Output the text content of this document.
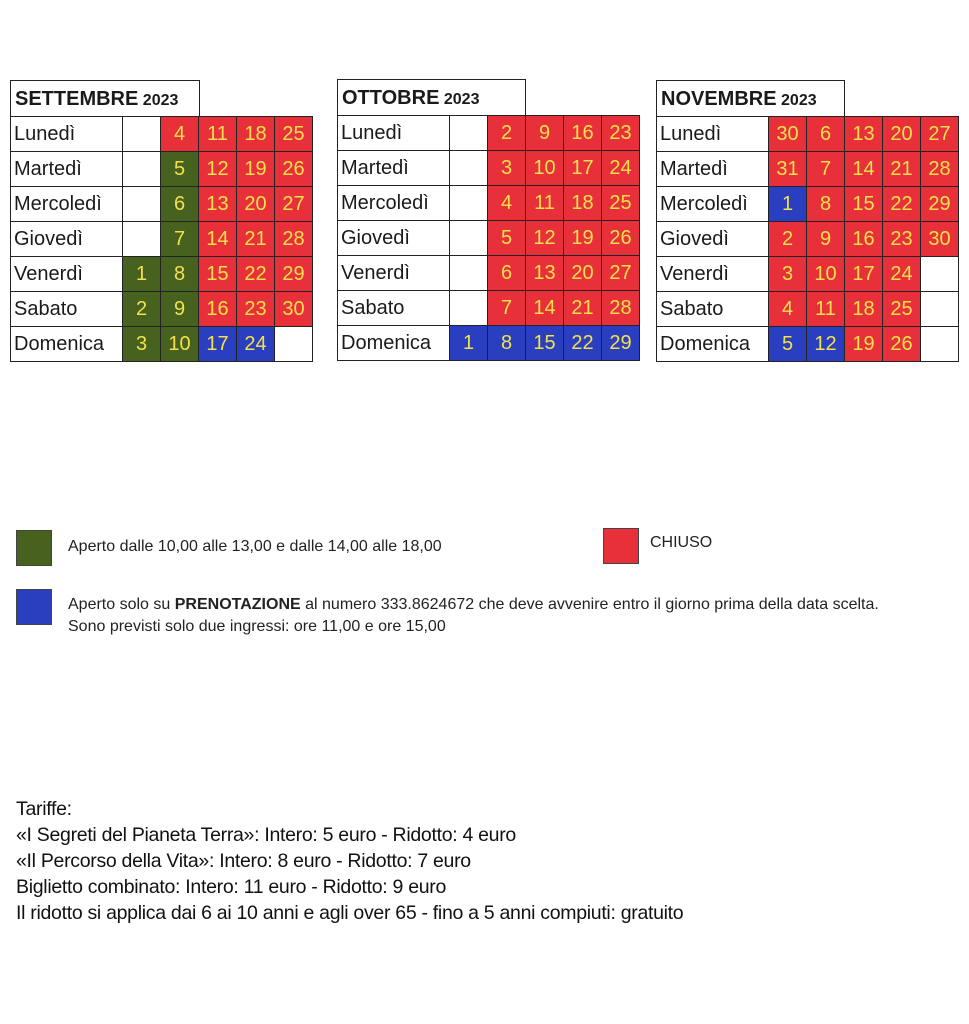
SETTEMBRE 2023
Lunedì		4	11	18	25
Martedì		5	12	19	26
Mercoledì		6	13	20	27
Giovedì		7	14	21	28
Venerdì	1	8	15	22	29
Sabato	2	9	16	23	30
Domenica	3	10	17	24	
OTTOBRE 2023
Lunedì		2	9	16	23
Martedì		3	10	17	24
Mercoledì		4	11	18	25
Giovedì		5	12	19	26
Venerdì		6	13	20	27
Sabato		7	14	21	28
Domenica	1	8	15	22	29
NOVEMBRE 2023
Lunedì	30	6	13	20	27
Martedì	31	7	14	21	28
Mercoledì	1	8	15	22	29
Giovedì	2	9	16	23	30
Venerdì	3	10	17	24	
Sabato	4	11	18	25	
Domenica	5	12	19	26	
Aperto dalle 10,00 alle 13,00 e dalle 14,00 alle 18,00	CHIUSO
Aperto solo su PRENOTAZIONE al numero 333.8624672 che deve avvenire entro il giorno prima della data scelta.
Sono previsti solo due ingressi: ore 11,00 e ore 15,00
Tariffe:
«I Segreti del Pianeta Terra»: Intero: 5 euro - Ridotto: 4 euro
«Il Percorso della Vita»: Intero: 8 euro - Ridotto: 7 euro
Biglietto combinato: Intero: 11 euro - Ridotto: 9 euro
Il ridotto si applica dai 6 ai 10 anni e agli over 65 - fino a 5 anni compiuti: gratuito
